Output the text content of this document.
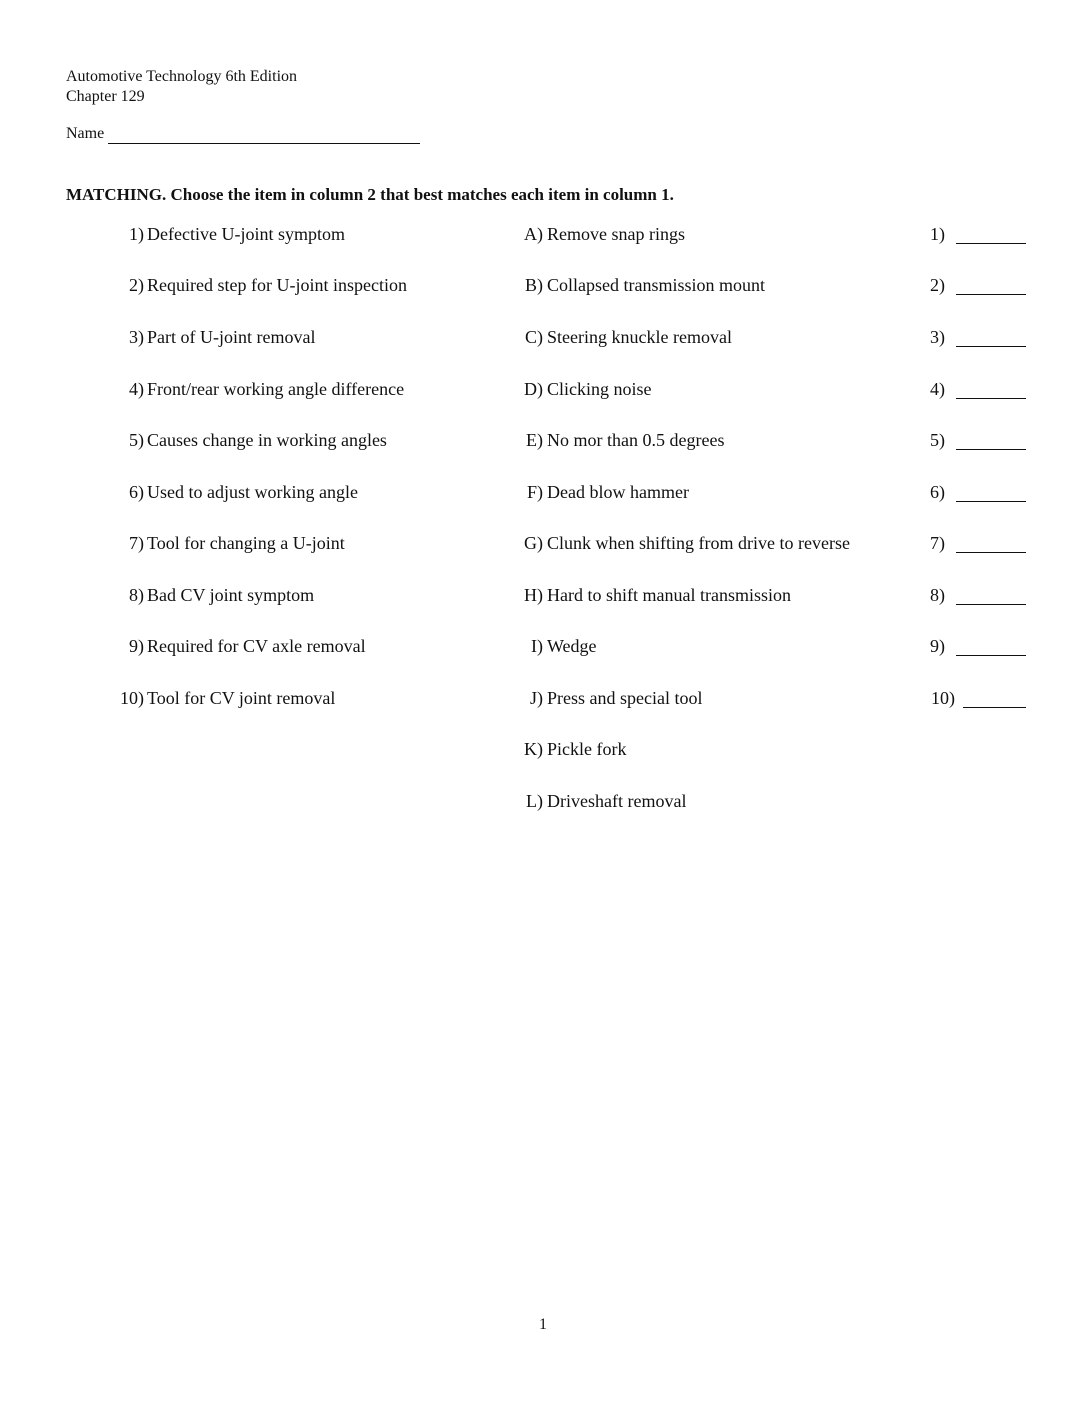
Automotive Technology 6th Edition
Chapter 129
Name
MATCHING. Choose the item in column 2 that best matches each item in column 1.
1) Defective U-joint symptom
2) Required step for U-joint inspection
3) Part of U-joint removal
4) Front/rear working angle difference
5) Causes change in working angles
6) Used to adjust working angle
7) Tool for changing a U-joint
8) Bad CV joint symptom
9) Required for CV axle removal
10) Tool for CV joint removal
A) Remove snap rings
B) Collapsed transmission mount
C) Steering knuckle removal
D) Clicking noise
E) No mor than 0.5 degrees
F) Dead blow hammer
G) Clunk when shifting from drive to reverse
H) Hard to shift manual transmission
I) Wedge
J) Press and special tool
K) Pickle fork
L) Driveshaft removal
1)
2)
3)
4)
5)
6)
7)
8)
9)
10)
1
